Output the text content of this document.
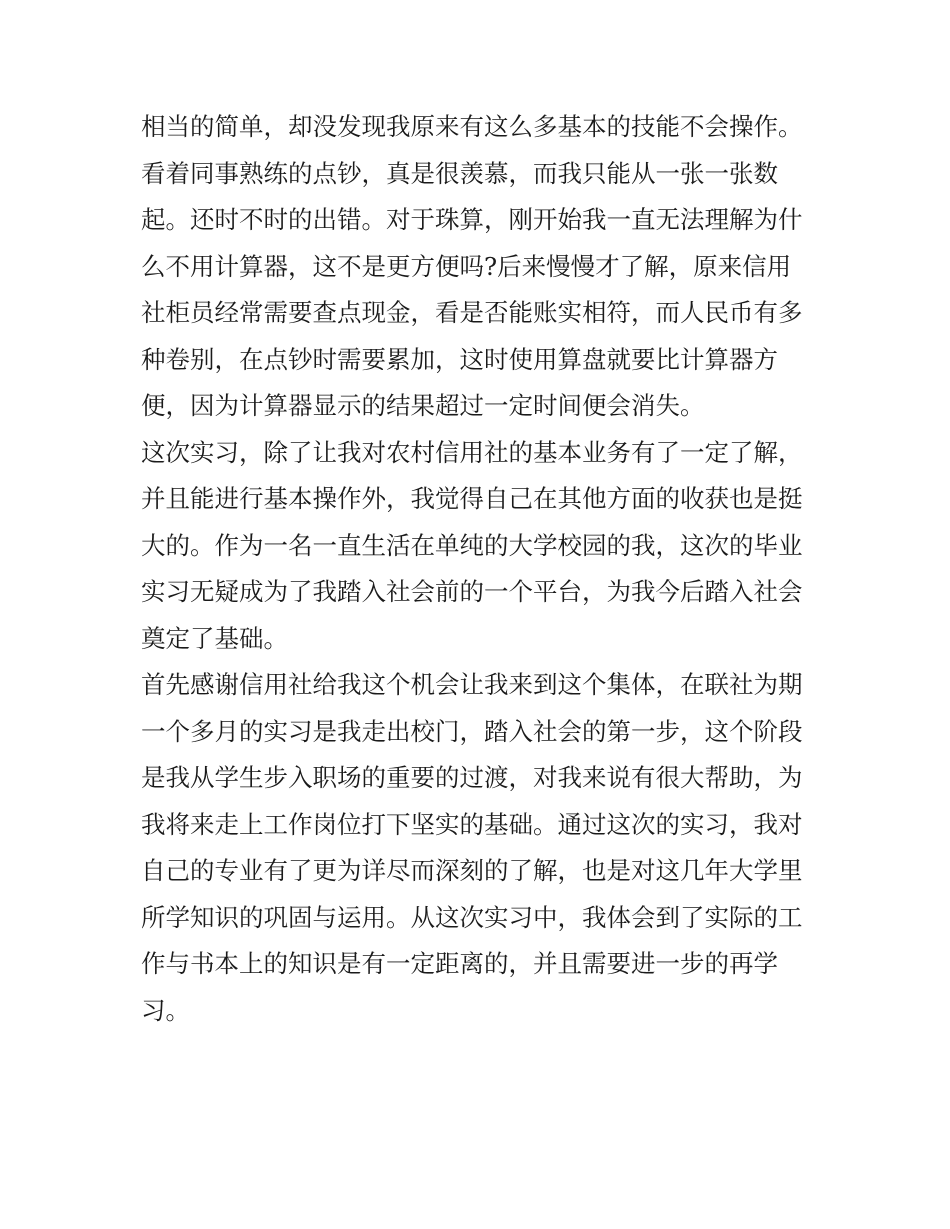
相当的简单，却没发现我原来有这么多基本的技能不会操作。
看着同事熟练的点钞，真是很羡慕，而我只能从一张一张数
起。还时不时的出错。对于珠算，刚开始我一直无法理解为什
么不用计算器，这不是更方便吗?后来慢慢才了解，原来信用
社柜员经常需要查点现金，看是否能账实相符，而人民币有多
种卷别，在点钞时需要累加，这时使用算盘就要比计算器方
便，因为计算器显示的结果超过一定时间便会消失。
这次实习，除了让我对农村信用社的基本业务有了一定了解，
并且能进行基本操作外，我觉得自己在其他方面的收获也是挺
大的。作为一名一直生活在单纯的大学校园的我，这次的毕业
实习无疑成为了我踏入社会前的一个平台，为我今后踏入社会
奠定了基础。
首先感谢信用社给我这个机会让我来到这个集体，在联社为期
一个多月的实习是我走出校门，踏入社会的第一步，这个阶段
是我从学生步入职场的重要的过渡，对我来说有很大帮助，为
我将来走上工作岗位打下坚实的基础。通过这次的实习，我对
自己的专业有了更为详尽而深刻的了解，也是对这几年大学里
所学知识的巩固与运用。从这次实习中，我体会到了实际的工
作与书本上的知识是有一定距离的，并且需要进一步的再学
习。
